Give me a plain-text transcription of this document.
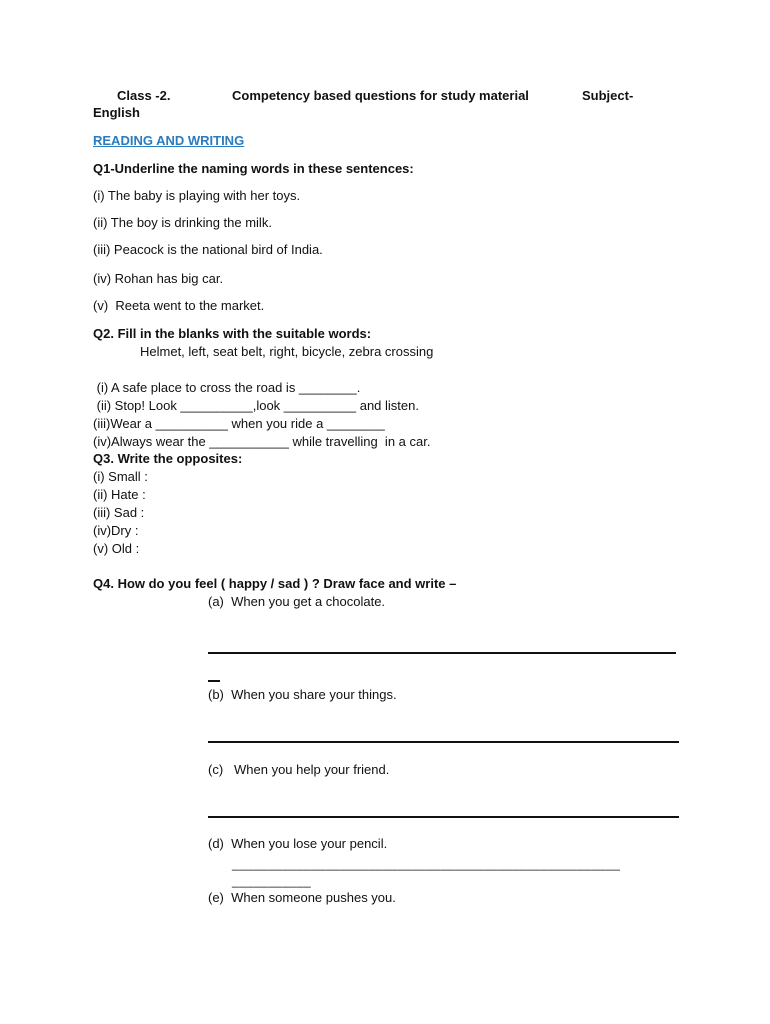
Class -2.	Competency based questions for study material	Subject-
English
READING AND WRITING
Q1-Underline the naming words in these sentences:
(i) The baby is playing with her toys.
(ii) The boy is drinking the milk.
(iii) Peacock is the national bird of India.
(iv) Rohan has big car.
(v)  Reeta went to the market.
Q2. Fill in the blanks with the suitable words:
Helmet, left, seat belt, right, bicycle, zebra crossing
(i) A safe place to cross the road is ________.
(ii) Stop! Look __________,look __________ and listen.
(iii)Wear a __________ when you ride a ________
(iv)Always wear the ___________ while travelling  in a car.
Q3. Write the opposites:
(i) Small :
(ii) Hate :
(iii) Sad :
(iv)Dry :
(v) Old :
Q4. How do you feel ( happy / sad ) ? Draw face and write –
(a)  When you get a chocolate.
(b)  When you share your things.
(c)   When you help your friend.
(d)  When you lose your pencil.
______________________________________________________
___________
(e)  When someone pushes you.
